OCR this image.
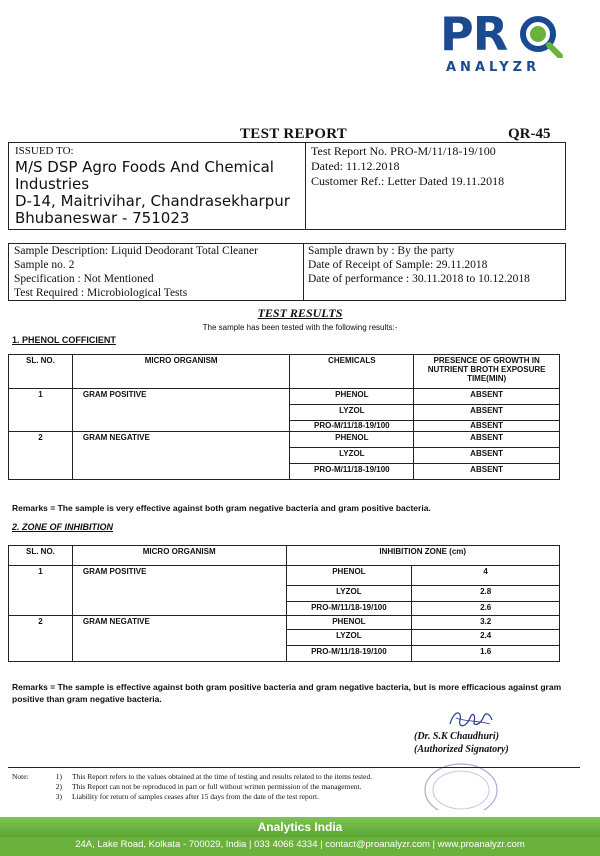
PR
ANALYZR
TEST REPORT	QR-45
ISSUED TO:
M/S DSP Agro Foods And Chemical
Industries
D-14, Maitrivihar, Chandrasekharpur
Bhubaneswar - 751023
Test Report No. PRO-M/11/18-19/100
Dated: 11.12.2018
Customer Ref.: Letter Dated 19.11.2018
Sample Description: Liquid Deodorant Total Cleaner
Sample no. 2
Specification : Not Mentioned
Test Required : Microbiological Tests
Sample drawn by : By the party
Date of Receipt of Sample: 29.11.2018
Date of performance : 30.11.2018 to 10.12.2018
TEST RESULTS
The sample has been tested with the following results:-
1. PHENOL COFFICIENT
SL. NO.	MICRO ORGANISM	CHEMICALS	PRESENCE OF GROWTH IN NUTRIENT BROTH EXPOSURE TIME(MIN)
1	GRAM POSITIVE	PHENOL	ABSENT
		LYZOL	ABSENT
		PRO-M/11/18-19/100	ABSENT
2	GRAM NEGATIVE	PHENOL	ABSENT
		LYZOL	ABSENT
		PRO-M/11/18-19/100	ABSENT
Remarks = The sample is very effective against both gram negative bacteria and gram positive bacteria.
2. ZONE OF INHIBITION
SL. NO.	MICRO ORGANISM	INHIBITION ZONE (cm)	
1	GRAM POSITIVE	PHENOL	4
		LYZOL	2.8
		PRO-M/11/18-19/100	2.6
2	GRAM NEGATIVE	PHENOL	3.2
		LYZOL	2.4
		PRO-M/11/18-19/100	1.6
Remarks = The sample is effective against both gram positive bacteria and gram negative bacteria, but is more efficacious against gram
positive than gram negative bacteria.
(Dr. S.K Chaudhuri)
(Authorized Signatory)
Note:	1) This Report refers to the values obtained at the time of testing and results related to the items tested.
2) This Report can not be reproduced in part or full without written permission of the management.
3) Liability for return of samples ceases after 15 days from the date of the test report.
Analytics India
24A, Lake Road, Kolkata - 700029, India | 033 4066 4334 | contact@proanalyzr.com | www.proanalyzr.com
